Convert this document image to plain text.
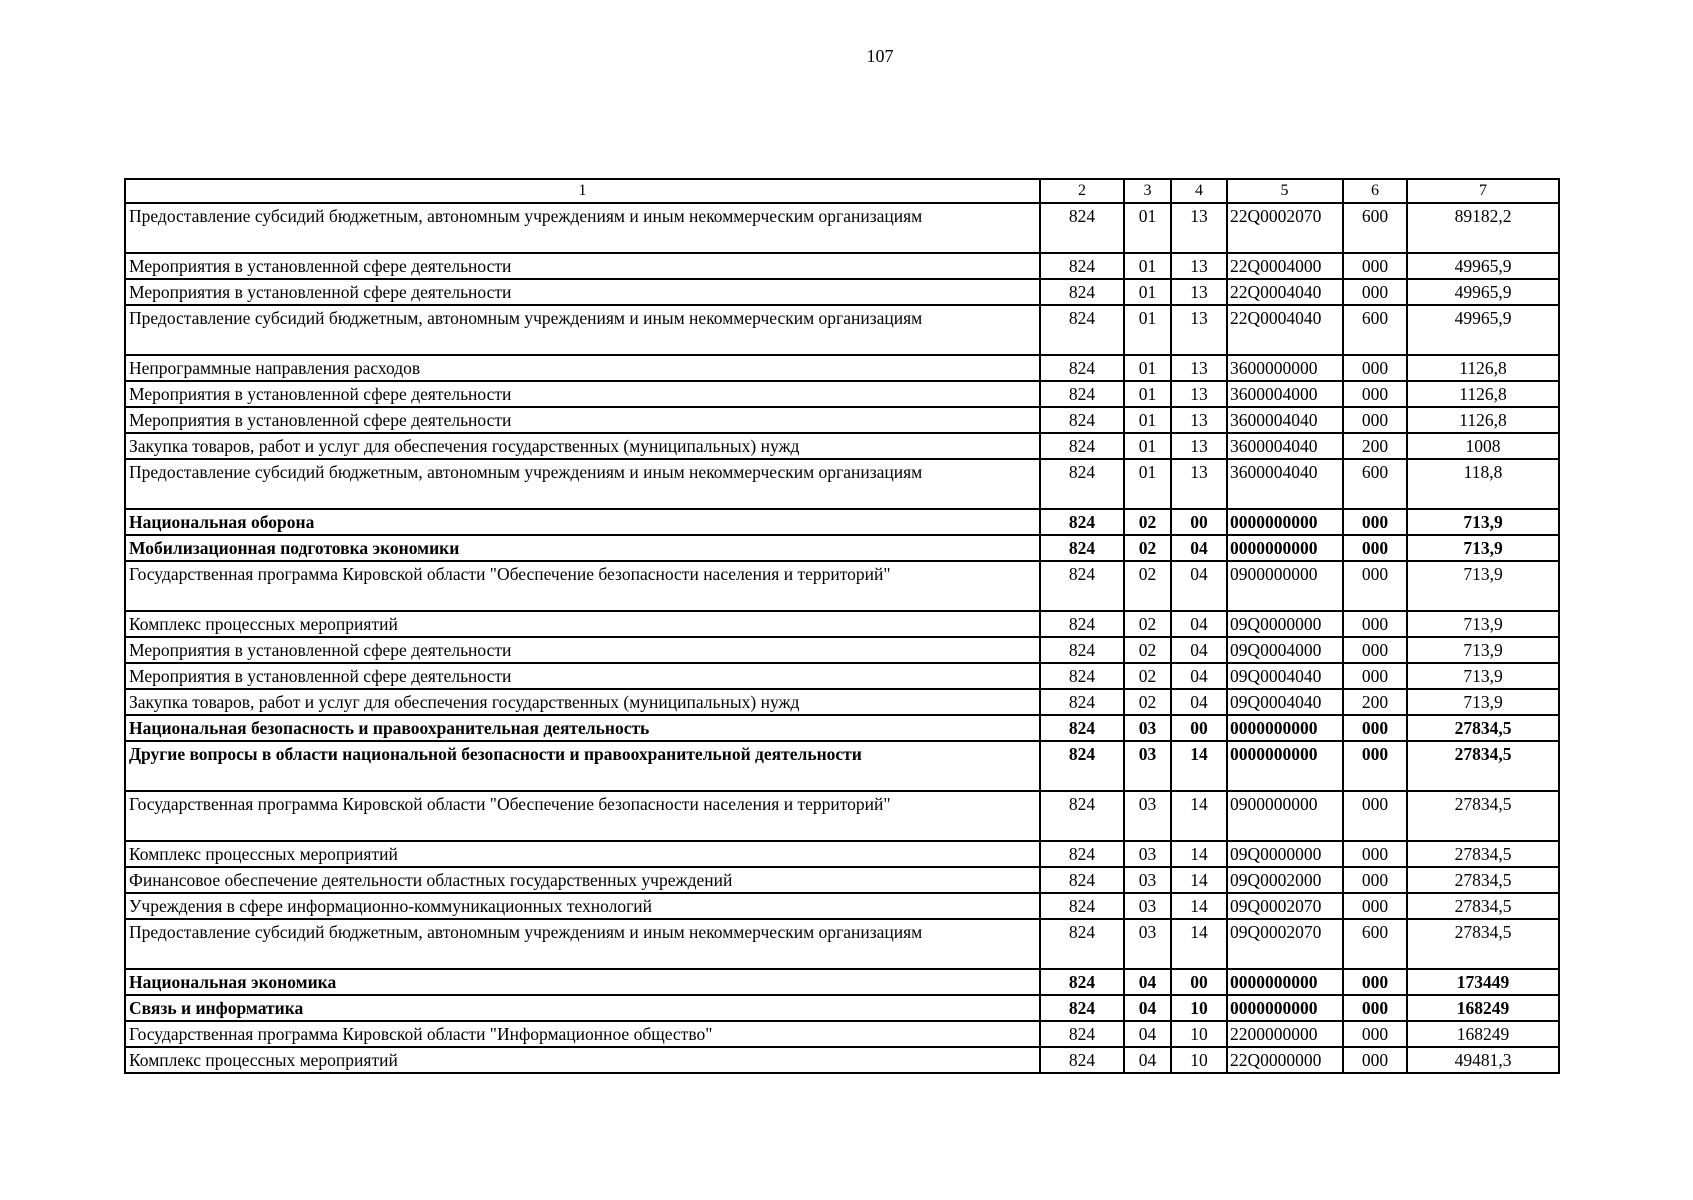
107
1	2	3	4	5	6	7
Предоставление субсидий бюджетным, автономным учреждениям и иным некоммерческим организациям	824	01	13	22Q0002070	600	89182,2
Мероприятия в установленной сфере деятельности	824	01	13	22Q0004000	000	49965,9
Мероприятия в установленной сфере деятельности	824	01	13	22Q0004040	000	49965,9
Предоставление субсидий бюджетным, автономным учреждениям и иным некоммерческим организациям	824	01	13	22Q0004040	600	49965,9
Непрограммные направления расходов	824	01	13	3600000000	000	1126,8
Мероприятия в установленной сфере деятельности	824	01	13	3600004000	000	1126,8
Мероприятия в установленной сфере деятельности	824	01	13	3600004040	000	1126,8
Закупка товаров, работ и услуг для обеспечения государственных (муниципальных) нужд	824	01	13	3600004040	200	1008
Предоставление субсидий бюджетным, автономным учреждениям и иным некоммерческим организациям	824	01	13	3600004040	600	118,8
Национальная оборона	824	02	00	0000000000	000	713,9
Мобилизационная подготовка экономики	824	02	04	0000000000	000	713,9
Государственная программа Кировской области "Обеспечение безопасности населения и территорий"	824	02	04	0900000000	000	713,9
Комплекс процессных мероприятий	824	02	04	09Q0000000	000	713,9
Мероприятия в установленной сфере деятельности	824	02	04	09Q0004000	000	713,9
Мероприятия в установленной сфере деятельности	824	02	04	09Q0004040	000	713,9
Закупка товаров, работ и услуг для обеспечения государственных (муниципальных) нужд	824	02	04	09Q0004040	200	713,9
Национальная безопасность и правоохранительная деятельность	824	03	00	0000000000	000	27834,5
Другие вопросы в области национальной безопасности и правоохранительной деятельности	824	03	14	0000000000	000	27834,5
Государственная программа Кировской области "Обеспечение безопасности населения и территорий"	824	03	14	0900000000	000	27834,5
Комплекс процессных мероприятий	824	03	14	09Q0000000	000	27834,5
Финансовое обеспечение деятельности областных государственных учреждений	824	03	14	09Q0002000	000	27834,5
Учреждения в сфере информационно-коммуникационных технологий	824	03	14	09Q0002070	000	27834,5
Предоставление субсидий бюджетным, автономным учреждениям и иным некоммерческим организациям	824	03	14	09Q0002070	600	27834,5
Национальная экономика	824	04	00	0000000000	000	173449
Связь и информатика	824	04	10	0000000000	000	168249
Государственная программа Кировской области "Информационное общество"	824	04	10	2200000000	000	168249
Комплекс процессных мероприятий	824	04	10	22Q0000000	000	49481,3
